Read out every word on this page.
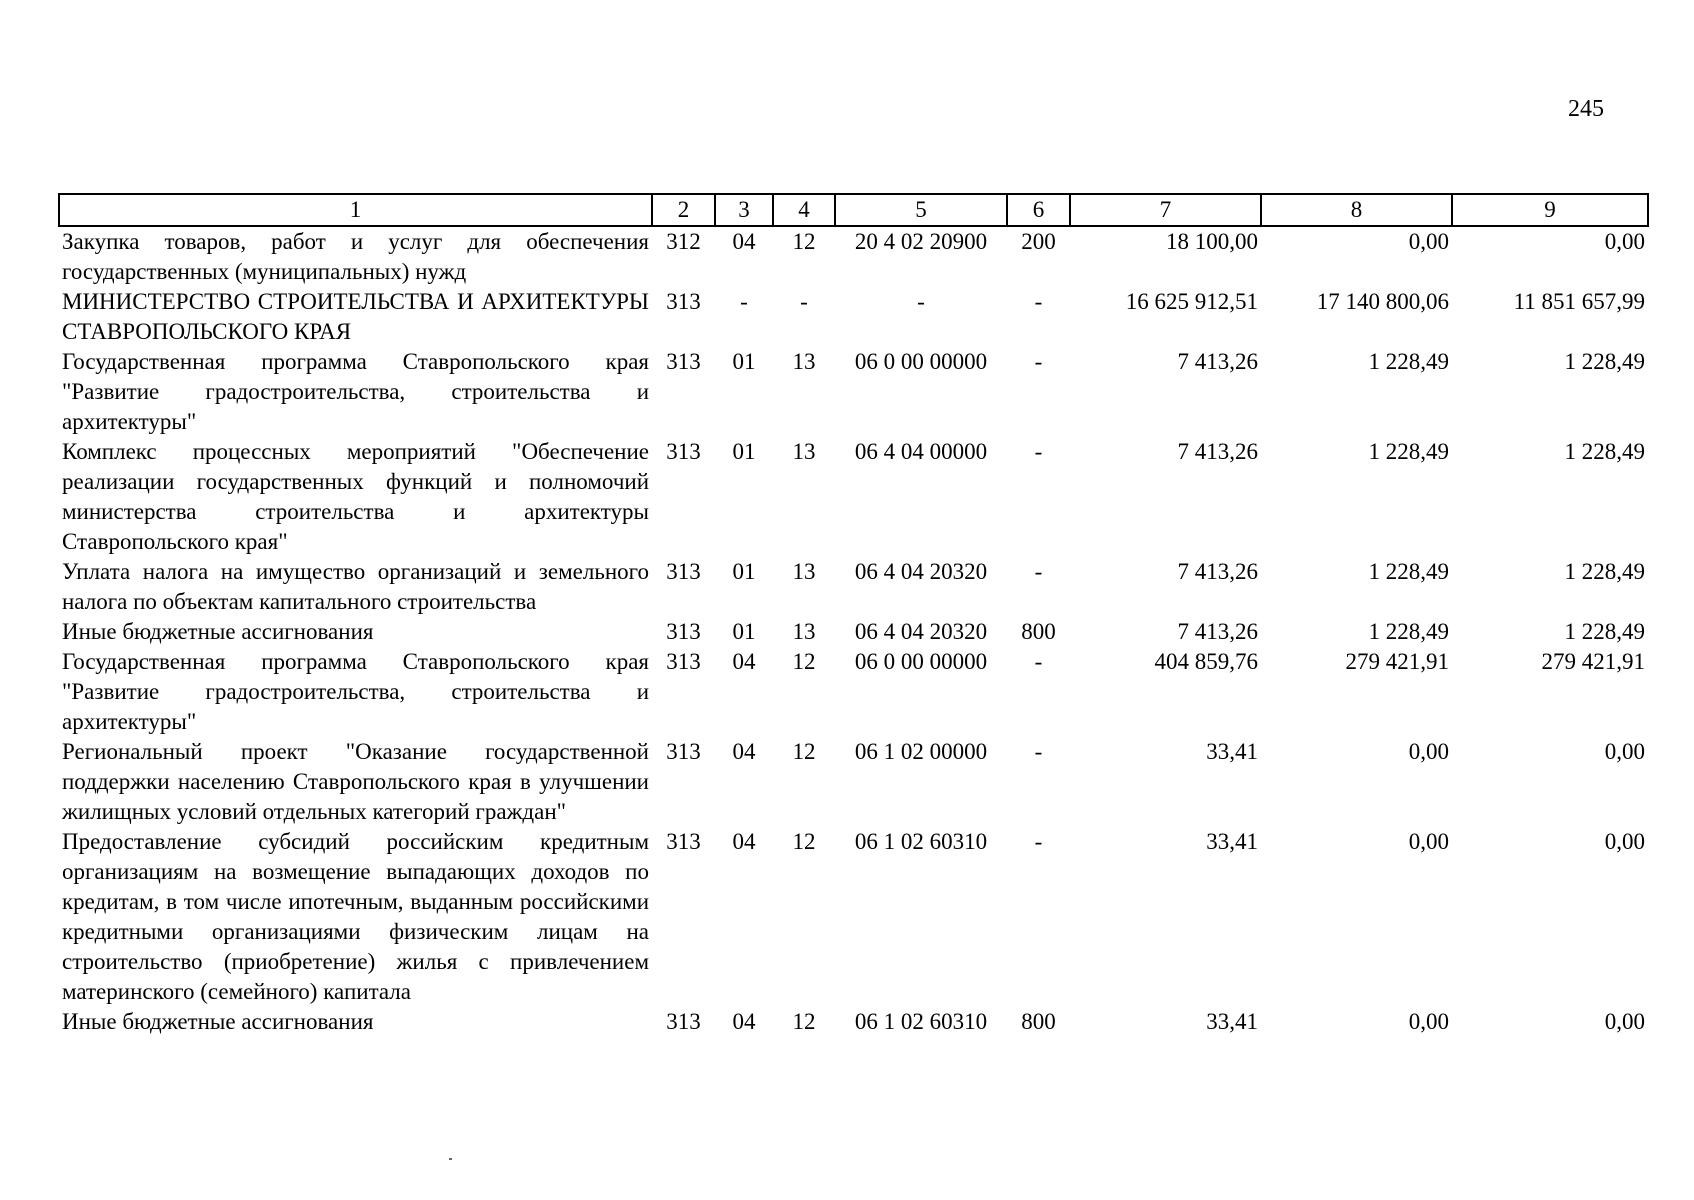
245
1	2	3	4	5	6	7	8	9
Закупка товаров, работ и услуг для обеспечения государственных (муниципальных) нужд	312	04	12	20 4 02 20900	200	18 100,00	0,00	0,00
МИНИСТЕРСТВО СТРОИТЕЛЬСТВА И АРХИТЕКТУРЫ СТАВРОПОЛЬСКОГО КРАЯ	313	-	-	-	-	16 625 912,51	17 140 800,06	11 851 657,99
Государственная программа Ставропольского края "Развитие градостроительства, строительства и архитектуры"	313	01	13	06 0 00 00000	-	7 413,26	1 228,49	1 228,49
Комплекс процессных мероприятий "Обеспечение реализации государственных функций и полномочий министерства строительства и архитектуры Ставропольского края"	313	01	13	06 4 04 00000	-	7 413,26	1 228,49	1 228,49
Уплата налога на имущество организаций и земельного налога по объектам капитального строительства	313	01	13	06 4 04 20320	-	7 413,26	1 228,49	1 228,49
Иные бюджетные ассигнования	313	01	13	06 4 04 20320	800	7 413,26	1 228,49	1 228,49
Государственная программа Ставропольского края "Развитие градостроительства, строительства и архитектуры"	313	04	12	06 0 00 00000	-	404 859,76	279 421,91	279 421,91
Региональный проект "Оказание государственной поддержки населению Ставропольского края в улучшении жилищных условий отдельных категорий граждан"	313	04	12	06 1 02 00000	-	33,41	0,00	0,00
Предоставление субсидий российским кредитным организациям на возмещение выпадающих доходов по кредитам, в том числе ипотечным, выданным российскими кредитными организациями физическим лицам на строительство (приобретение) жилья с привлечением материнского (семейного) капитала	313	04	12	06 1 02 60310	-	33,41	0,00	0,00
Иные бюджетные ассигнования	313	04	12	06 1 02 60310	800	33,41	0,00	0,00
